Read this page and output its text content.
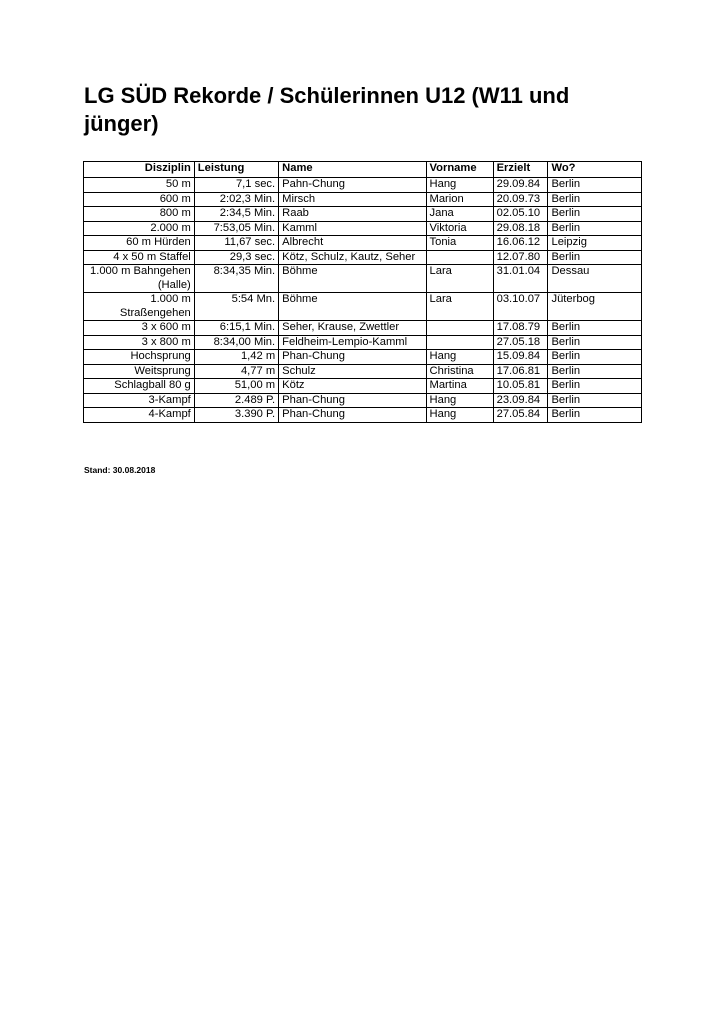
LG SÜD Rekorde / Schülerinnen U12 (W11 und jünger)
Disziplin	Leistung	Name	Vorname	Erzielt	Wo?
50 m	7,1 sec.	Pahn-Chung	Hang	29.09.84	Berlin
600 m	2:02,3 Min.	Mirsch	Marion	20.09.73	Berlin
800 m	2:34,5 Min.	Raab	Jana	02.05.10	Berlin
2.000 m	7:53,05 Min.	Kamml	Viktoria	29.08.18	Berlin
60 m Hürden	11,67 sec.	Albrecht	Tonia	16.06.12	Leipzig
4 x 50 m Staffel	29,3 sec.	Kötz, Schulz, Kautz, Seher		12.07.80	Berlin
1.000 m Bahngehen (Halle)	8:34,35 Min.	Böhme	Lara	31.01.04	Dessau
1.000 m Straßengehen	5:54 Mn.	Böhme	Lara	03.10.07	Jüterbog
3 x 600 m	6:15,1 Min.	Seher, Krause, Zwettler		17.08.79	Berlin
3 x 800 m	8:34,00 Min.	Feldheim-Lempio-Kamml		27.05.18	Berlin
Hochsprung	1,42 m	Phan-Chung	Hang	15.09.84	Berlin
Weitsprung	4,77 m	Schulz	Christina	17.06.81	Berlin
Schlagball 80 g	51,00 m	Kötz	Martina	10.05.81	Berlin
3-Kampf	2.489 P.	Phan-Chung	Hang	23.09.84	Berlin
4-Kampf	3.390 P.	Phan-Chung	Hang	27.05.84	Berlin
Stand: 30.08.2018
